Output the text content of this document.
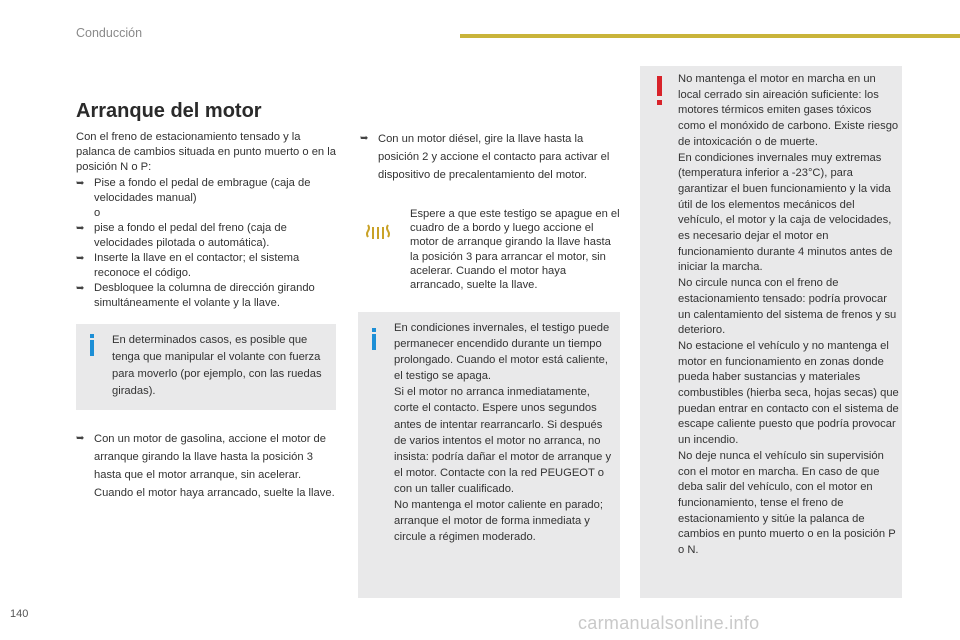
Conducción
Arranque del motor

Con el freno de estacionamiento tensado y la palanca de cambios situada en punto muerto o en la posición N o P:

➥ Pise a fondo el pedal de embrague (caja de velocidades manual)
o
➥ pise a fondo el pedal del freno (caja de velocidades pilotada o automática).
➥ Inserte la llave en el contactor; el sistema reconoce el código.
➥ Desbloquee la columna de dirección girando simultáneamente el volante y la llave.
En determinados casos, es posible que tenga que manipular el volante con fuerza para moverlo (por ejemplo, con las ruedas giradas).
➥ Con un motor de gasolina, accione el motor de arranque girando la llave hasta la posición 3 hasta que el motor arranque, sin acelerar. Cuando el motor haya arrancado, suelte la llave.
➥ Con un motor diésel, gire la llave hasta la posición 2 y accione el contacto para activar el dispositivo de precalentamiento del motor.
Espere a que este testigo se apague en el cuadro de a bordo y luego accione el motor de arranque girando la llave hasta la posición 3 para arrancar el motor, sin acelerar. Cuando el motor haya arrancado, suelte la llave.

En condiciones invernales, el testigo puede permanecer encendido durante un tiempo prolongado. Cuando el motor está caliente, el testigo se apaga.

Si el motor no arranca inmediatamente, corte el contacto. Espere unos segundos antes de intentar rearrancarlo. Si después de varios intentos el motor no arranca, no insista: podría dañar el motor de arranque y el motor. Contacte con la red PEUGEOT o con un taller cualificado.

No mantenga el motor caliente en parado; arranque el motor de forma inmediata y circule a régimen moderado.

No mantenga el motor en marcha en un local cerrado sin aireación suficiente: los motores térmicos emiten gases tóxicos como el monóxido de carbono. Existe riesgo de intoxicación o de muerte.

En condiciones invernales muy extremas (temperatura inferior a -23°C), para garantizar el buen funcionamiento y la vida útil de los elementos mecánicos del vehículo, el motor y la caja de velocidades, es necesario dejar el motor en funcionamiento durante 4 minutos antes de iniciar la marcha.

No circule nunca con el freno de estacionamiento tensado: podría provocar un calentamiento del sistema de frenos y su deterioro.

No estacione el vehículo y no mantenga el motor en funcionamiento en zonas donde pueda haber sustancias y materiales combustibles (hierba seca, hojas secas) que puedan entrar en contacto con el sistema de escape caliente puesto que podría provocar un incendio.

No deje nunca el vehículo sin supervisión con el motor en marcha. En caso de que deba salir del vehículo, con el motor en funcionamiento, tense el freno de estacionamiento y sitúe la palanca de cambios en punto muerto o en la posición P o N.

140	carmanualsonline.info
